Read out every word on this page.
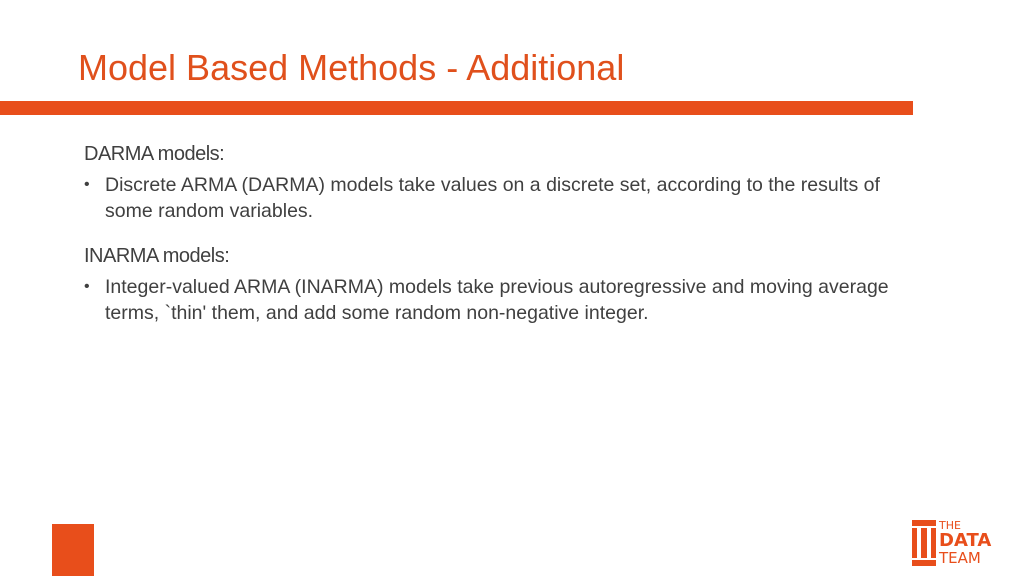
Model Based Methods - Additional
DARMA models:
• Discrete ARMA (DARMA) models take values on a discrete set, according to the results of some random variables.
INARMA models:
• Integer-valued ARMA (INARMA) models take previous autoregressive and moving average terms, `thin' them, and add some random non-negative integer.
THE
DATA
TEAM
